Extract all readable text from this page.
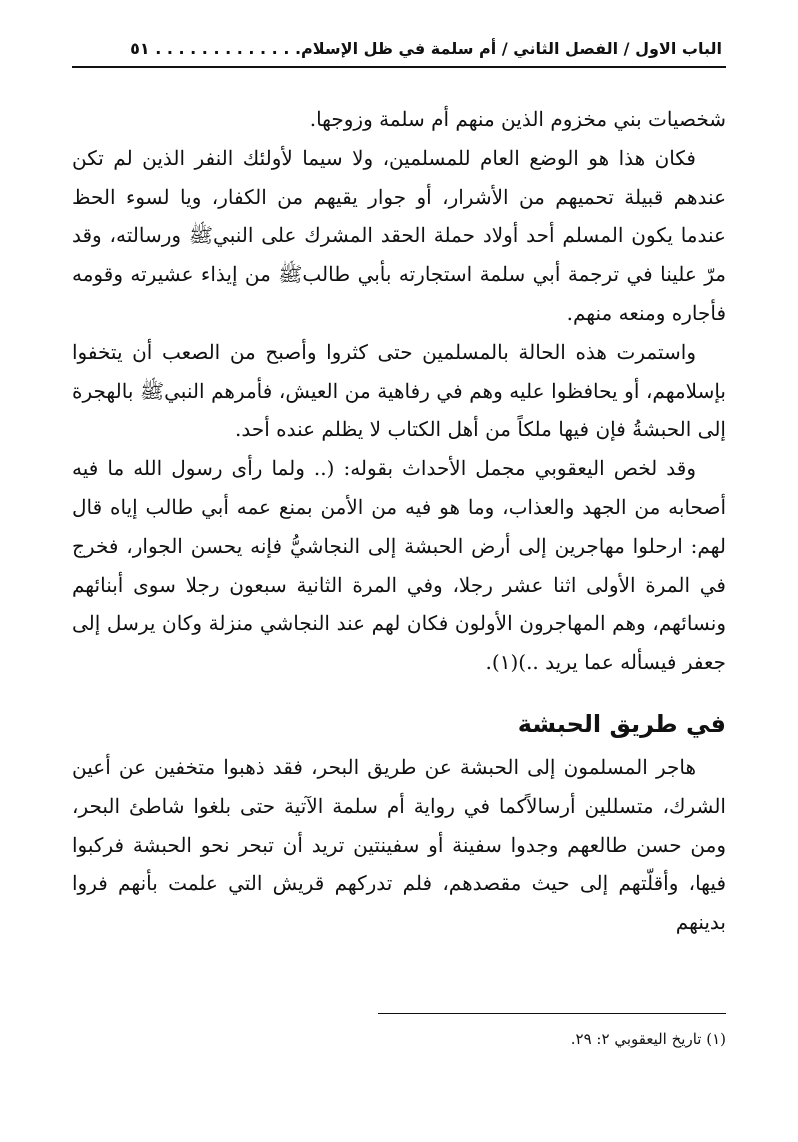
الباب الاول / الفصل الثاني / أم سلمة في ظل الإسلام. . . . . . . . . . . . . ٥١

شخصيات بني مخزوم الذين منهم أم سلمة وزوجها.

فكان هذا هو الوضع العام للمسلمين، ولا سيما لأولئك النفر الذين لم تكن عندهم قبيلة تحميهم من الأشرار، أو جوار يقيهم من الكفار، ويا لسوء الحظ عندما يكون المسلم أحد أولاد حملة الحقد المشرك على النبيﷺ ورسالته، وقد مرّ علينا في ترجمة أبي سلمة استجارته بأبي طالبﷺ من إيذاء عشيرته وقومه فأجاره ومنعه منهم.

واستمرت هذه الحالة بالمسلمين حتى كثروا وأصبح من الصعب أن يتخفوا بإسلامهم، أو يحافظوا عليه وهم في رفاهية من العيش، فأمرهم النبيﷺ بالهجرة إلى الحبشةُ فإن فيها ملكاً من أهل الكتاب لا يظلم عنده أحد.

وقد لخص اليعقوبي مجمل الأحداث بقوله: (.. ولما رأى رسول الله ما فيه أصحابه من الجهد والعذاب، وما هو فيه من الأمن بمنع عمه أبي طالب إياه قال لهم: ارحلوا مهاجرين إلى أرض الحبشة إلى النجاشيُّ فإنه يحسن الجوار، فخرج في المرة الأولى اثنا عشر رجلا، وفي المرة الثانية سبعون رجلا سوى أبنائهم ونسائهم، وهم المهاجرون الأولون فكان لهم عند النجاشي منزلة وكان يرسل إلى جعفر فيسأله عما يريد ..)(١).

في طريق الحبشة

هاجر المسلمون إلى الحبشة عن طريق البحر، فقد ذهبوا متخفين عن أعين الشرك، متسللين أرسالاًكما في رواية أم سلمة الآتية حتى بلغوا شاطئ البحر، ومن حسن طالعهم وجدوا سفينة أو سفينتين تريد أن تبحر نحو الحبشة فركبوا فيها، وأقلّتهم إلى حيث مقصدهم، فلم تدركهم قريش التي علمت بأنهم فروا بدينهم

(١) تاريخ اليعقوبي ٢: ٢٩.
